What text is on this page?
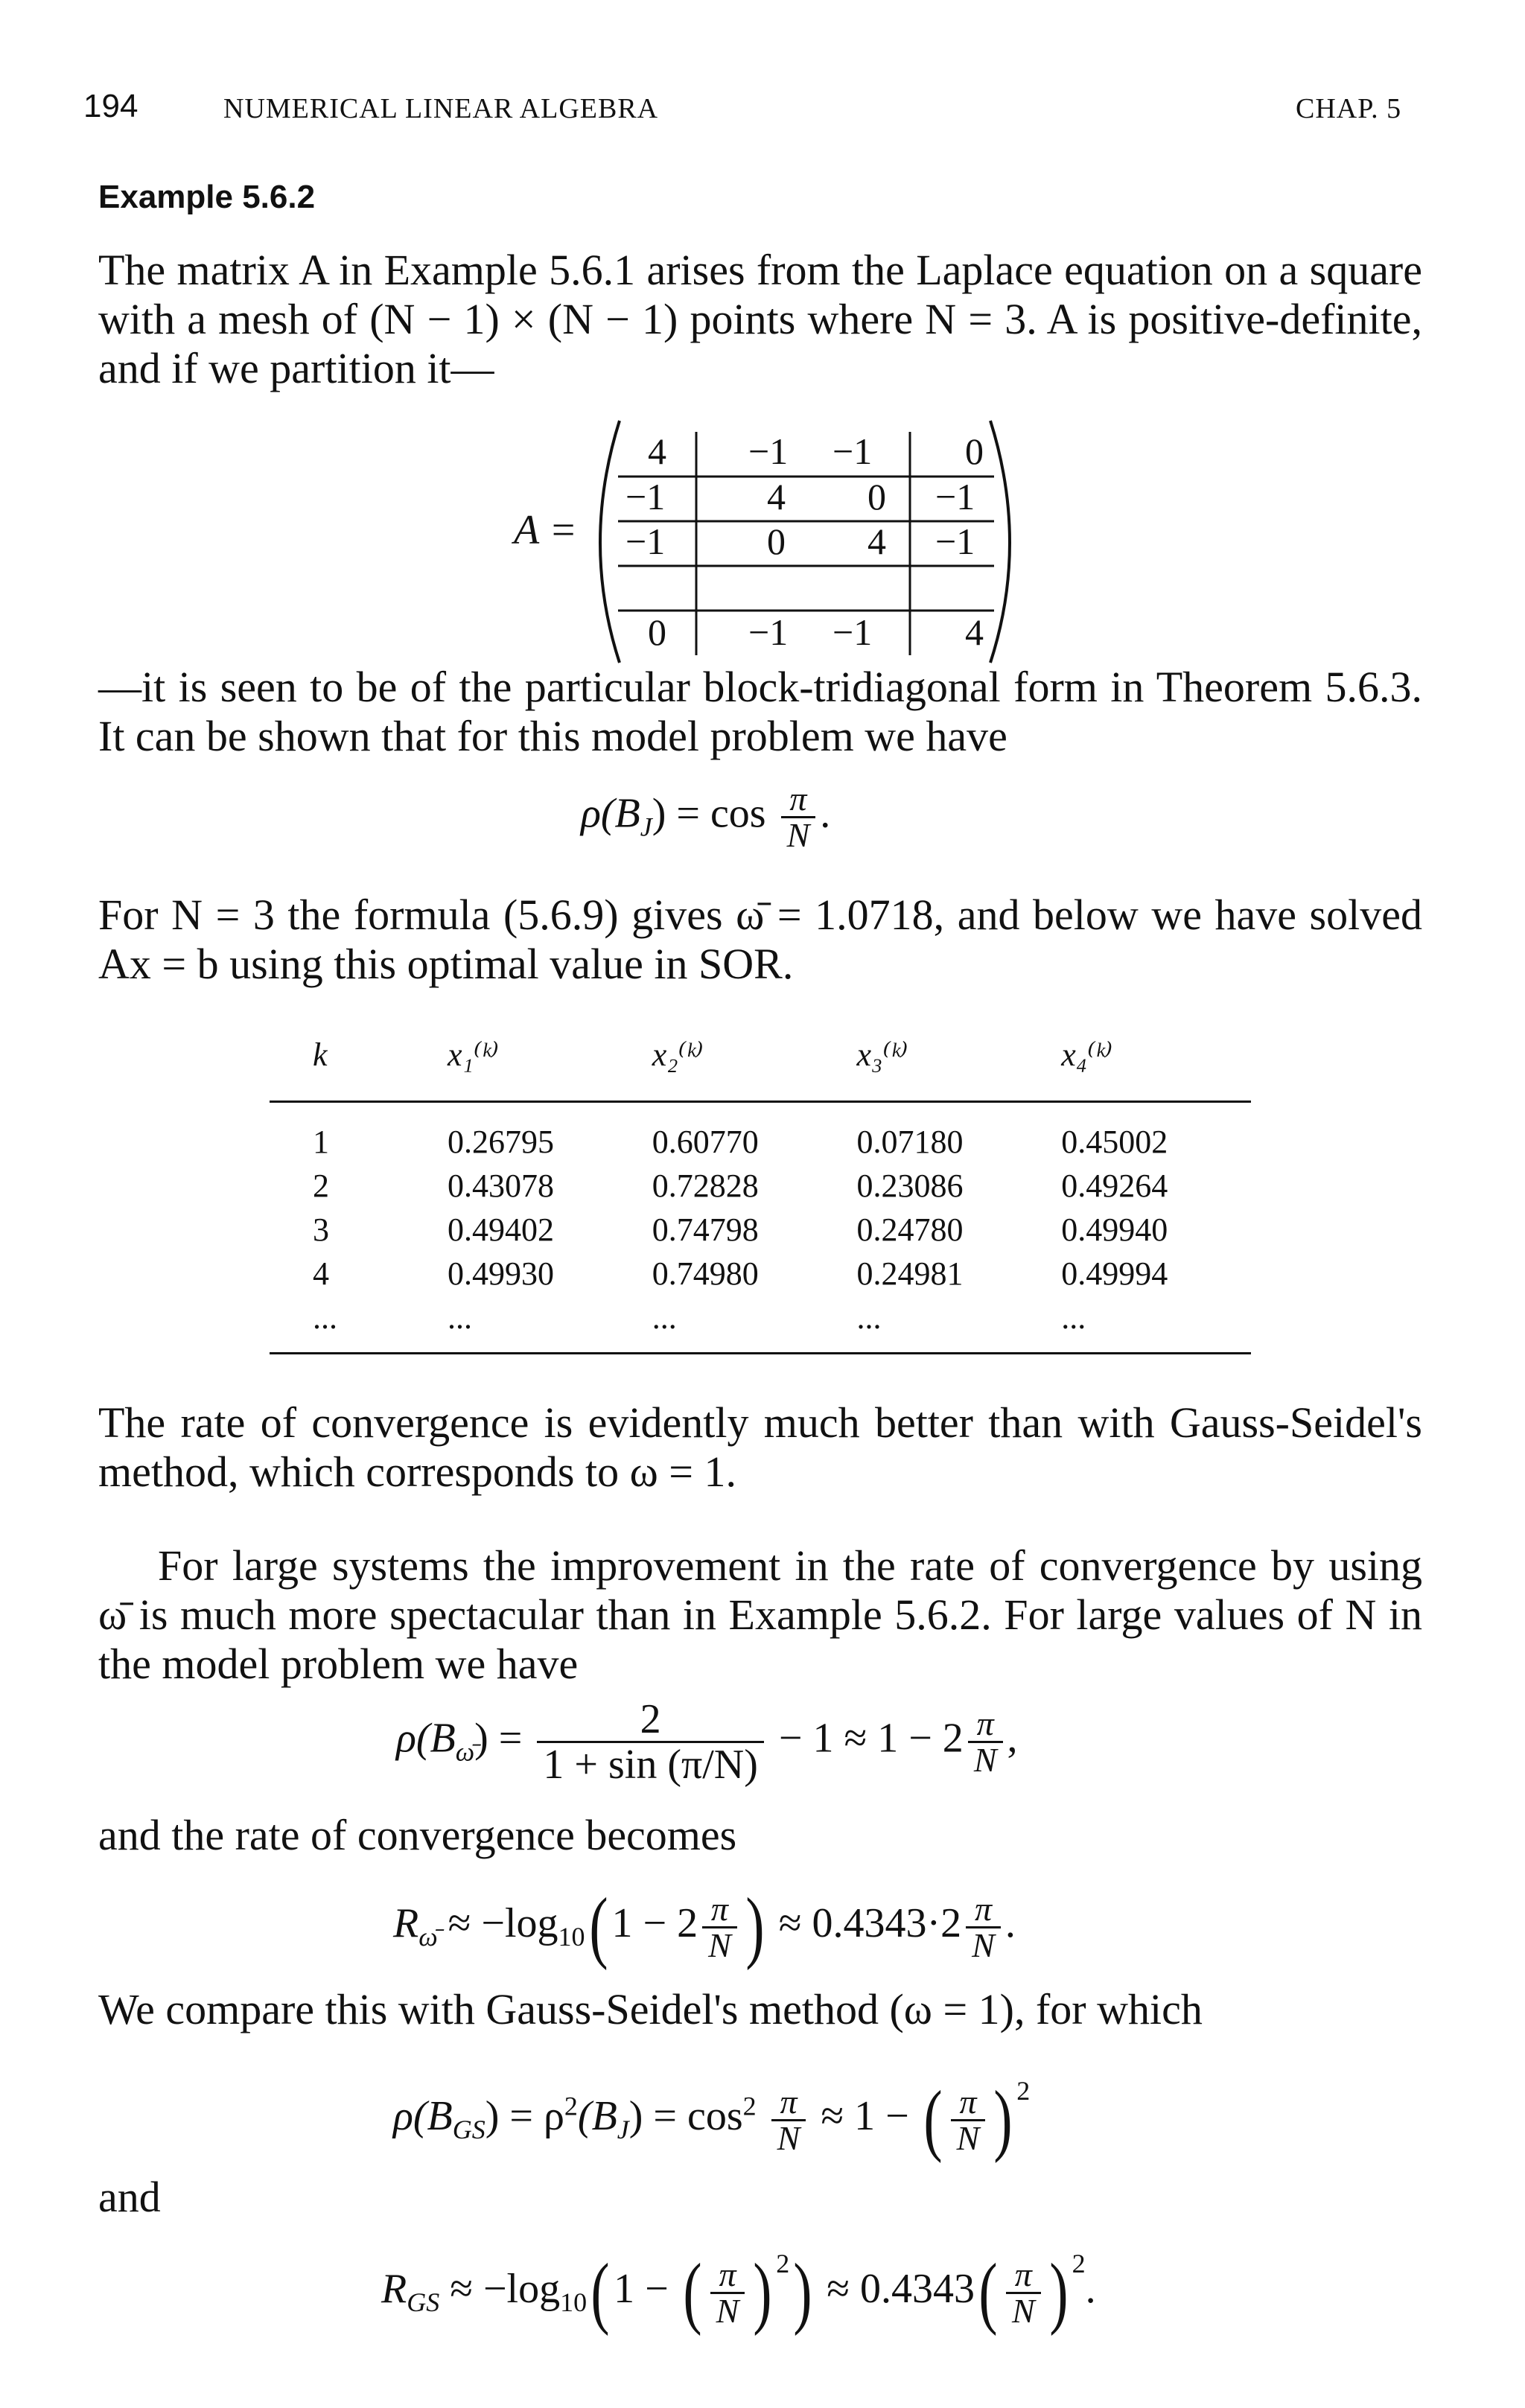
194	NUMERICAL LINEAR ALGEBRA	CHAP. 5
Example 5.6.2
The matrix A in Example 5.6.1 arises from the Laplace equation on a square with a mesh of (N − 1) × (N − 1) points where N = 3. A is positive-definite, and if we partition it—
A =
4 −1 −1 0
−1	4 0 −1
−1	0 4 −1
0 −1 −1 4
—it is seen to be of the particular block-tridiagonal form in Theorem 5.6.3. It can be shown that for this model problem we have
$\rho(B_J) = \cos \frac{\pi}{N}$ .
For N = 3 the formula (5.6.9) gives ω̄ = 1.0718, and below we have solved Ax = b using this optimal value in SOR.
k	x₁⁽ᵏ⁾	x₂⁽ᵏ⁾	x₃⁽ᵏ⁾	x₄⁽ᵏ⁾

1	0.26795	0.60770	0.07180	0.45002
2	0.43078	0.72828	0.23086	0.49264
3	0.49402	0.74798	0.24780	0.49940
4	0.49930	0.74980	0.24981	0.49994
...	...	...	...	...
The rate of convergence is evidently much better than with Gauss-Seidel's method, which corresponds to ω = 1.
For large systems the improvement in the rate of convergence by using ω̄ is much more spectacular than in Example 5.6.2. For large values of N in the model problem we have
$\rho(B_{\omegā}) = \frac{2}{1 + \sin (\pi/N)} - 1 \approx 1 - 2 \frac{\pi}{N}$ ,
and the rate of convergence becomes
$R_{\omegā} \approx -\log_{10}(1 - 2 \frac{\pi}{N}$ ) ≈ $0.4343\cdot 2 \frac{\pi}{N}$ .
We compare this with Gauss-Seidel's method (ω = 1), for which
$\rho(B_{GS}) = \rho^2(B_J) = \cos^2 \frac{\pi}{N} \approx 1$ − ( $\frac{\pi}{N}$ ) $^2$
and
$R_{GS} \approx -\log_{10}(1$ − ( $\frac{\pi}{N}$ ) $^2) \approx 0.4343( \frac{\pi}{N}$ ) $^2$.
